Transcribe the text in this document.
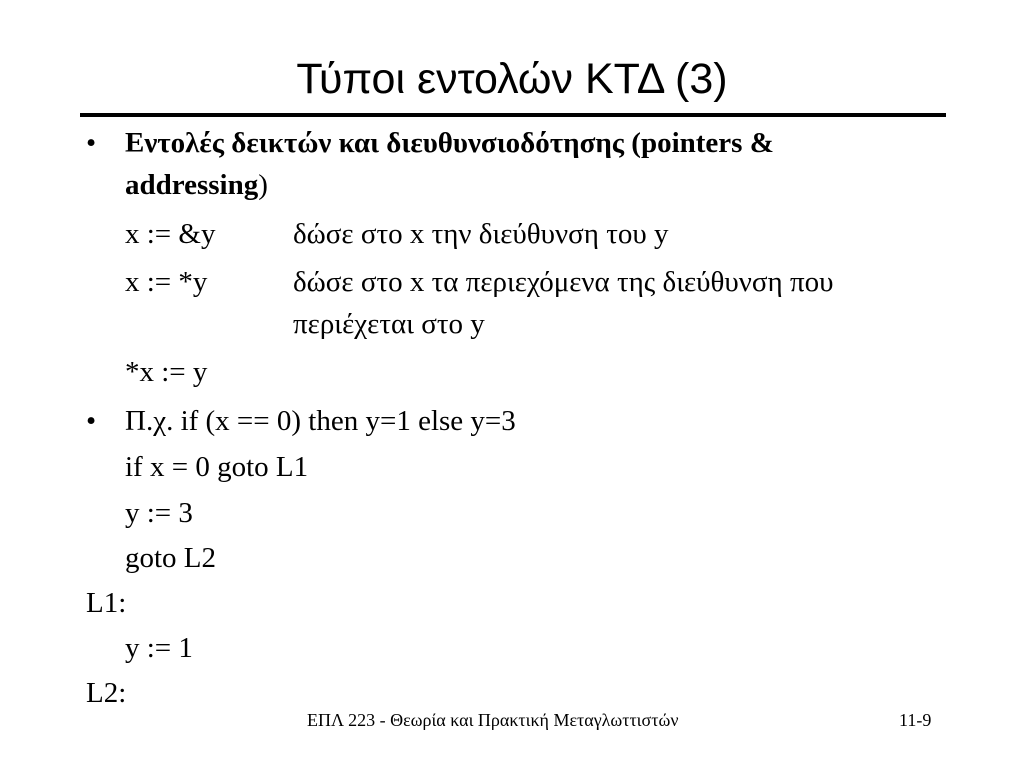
Τύποι εντολών ΚΤΔ (3)
• Εντολές δεικτών και διευθυνσιοδότησης (pointers &
addressing)
x := &y	δώσε στο x την διεύθυνση του y
x := *y	δώσε στο x τα περιεχόμενα της διεύθυνση που
περιέχεται στο y
*x := y
• Π.χ. if (x == 0) then y=1 else y=3
if x = 0 goto L1
y := 3
goto L2
L1:
y := 1
L2:
ΕΠΛ 223 - Θεωρία και Πρακτική Μεταγλωττιστών	11-9
